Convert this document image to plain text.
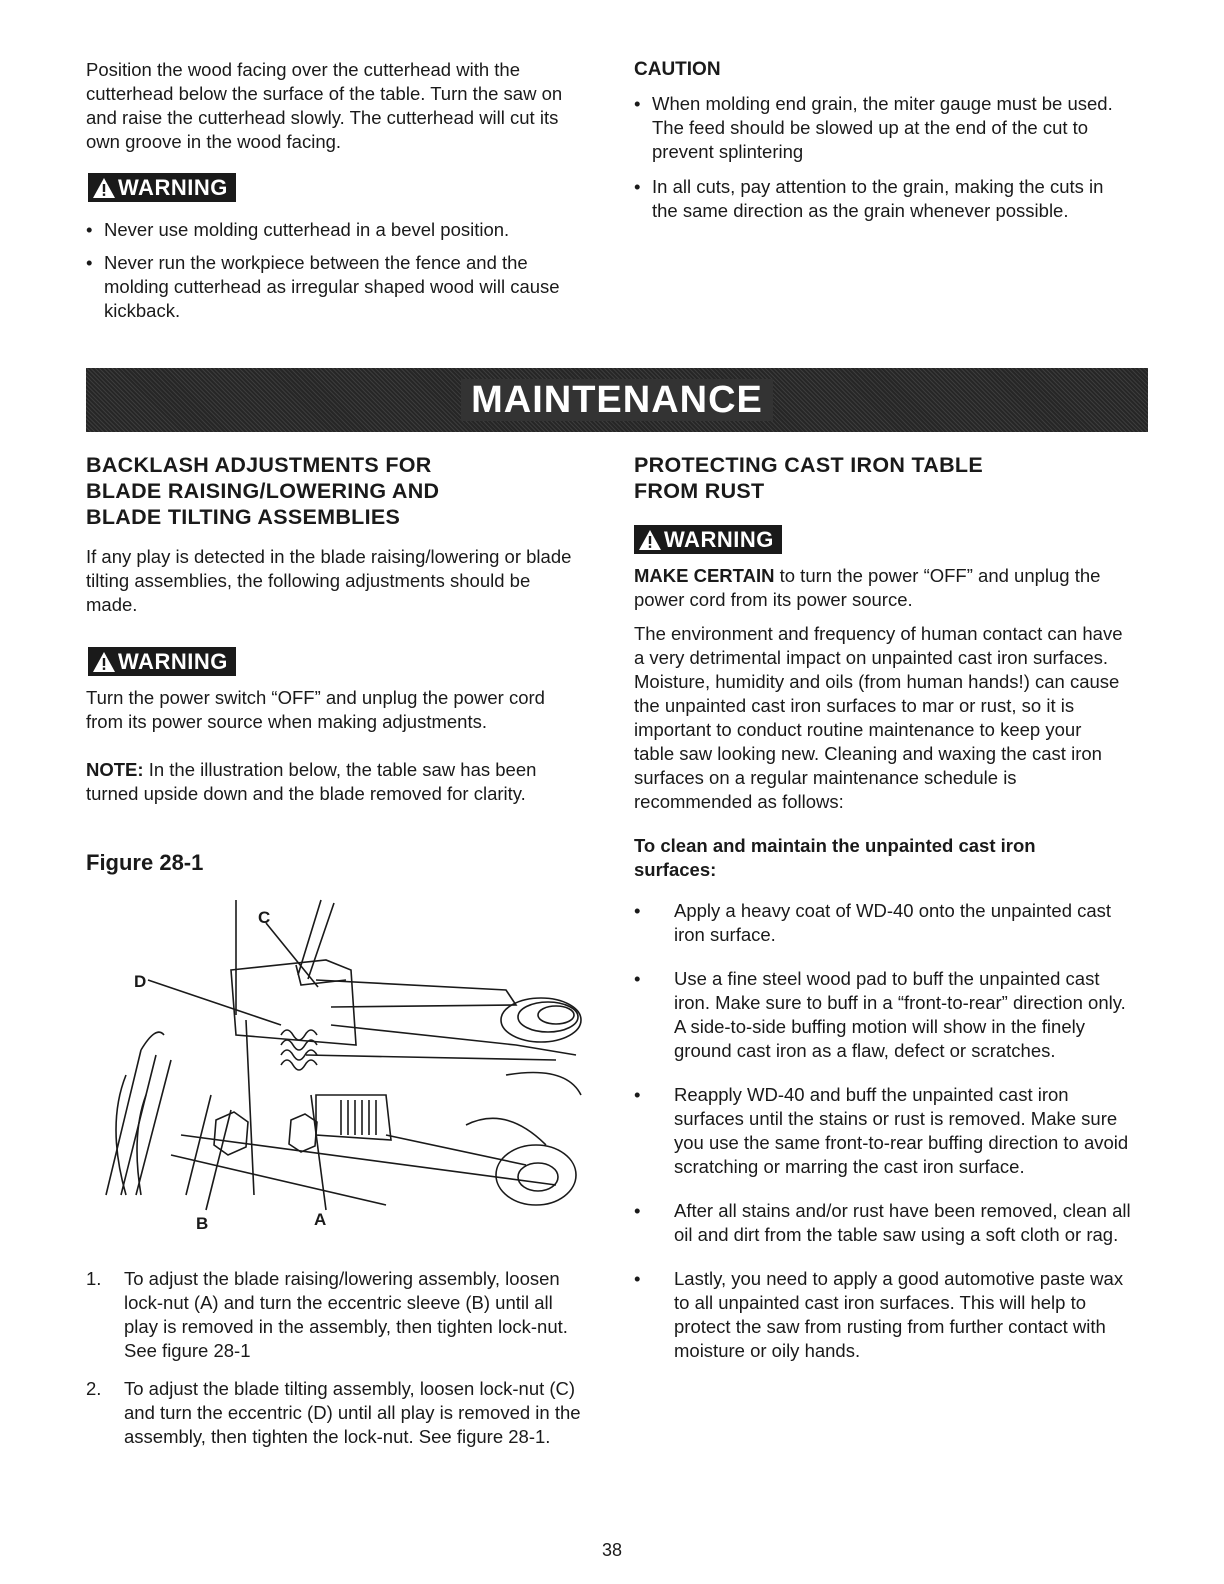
Position the wood facing over the cutterhead with the cutterhead below the surface of the table. Turn the saw on and raise the cutterhead slowly. The cutterhead will cut its own groove in the wood facing.
WARNING
• Never use molding cutterhead in a bevel position.
• Never run the workpiece between the fence and the molding cutterhead as irregular shaped wood will cause kickback.
CAUTION
• When molding end grain, the miter gauge must be used. The feed should be slowed up at the end of the cut to prevent splintering
• In all cuts, pay attention to the grain, making the cuts in the same direction as the grain whenever possible.
MAINTENANCE
BACKLASH ADJUSTMENTS FOR
BLADE RAISING/LOWERING AND
BLADE TILTING ASSEMBLIES
If any play is detected in the blade raising/lowering or blade tilting assemblies, the following adjustments should be made.
WARNING
Turn the power switch “OFF” and unplug the power cord from its power source when making adjustments.
NOTE: In the illustration below, the table saw has been turned upside down and the blade removed for clarity.
Figure 28-1
C
D
B	A
1. To adjust the blade raising/lowering assembly, loosen lock-nut (A) and turn the eccentric sleeve (B) until all play is removed in the assembly, then tighten lock-nut. See figure 28-1
2. To adjust the blade tilting assembly, loosen lock-nut (C) and turn the eccentric (D) until all play is removed in the assembly, then tighten the lock-nut. See figure 28-1.
PROTECTING CAST IRON TABLE
FROM RUST
WARNING
MAKE CERTAIN to turn the power “OFF” and unplug the power cord from its power source.
The environment and frequency of human contact can have a very detrimental impact on unpainted cast iron surfaces. Moisture, humidity and oils (from human hands!) can cause the unpainted cast iron surfaces to mar or rust, so it is important to conduct routine maintenance to keep your table saw looking new. Cleaning and waxing the cast iron surfaces on a regular maintenance schedule is recommended as follows:
To clean and maintain the unpainted cast iron surfaces:
• Apply a heavy coat of WD-40 onto the unpainted cast iron surface.
• Use a fine steel wood pad to buff the unpainted cast iron. Make sure to buff in a “front-to-rear” direction only. A side-to-side buffing motion will show in the finely ground cast iron as a flaw, defect or scratches.
• Reapply WD-40 and buff the unpainted cast iron surfaces until the stains or rust is removed. Make sure you use the same front-to-rear buffing direction to avoid scratching or marring the cast iron surface.
• After all stains and/or rust have been removed, clean all oil and dirt from the table saw using a soft cloth or rag.
• Lastly, you need to apply a good automotive paste wax to all unpainted cast iron surfaces. This will help to protect the saw from rusting from further contact with moisture or oily hands.
38
